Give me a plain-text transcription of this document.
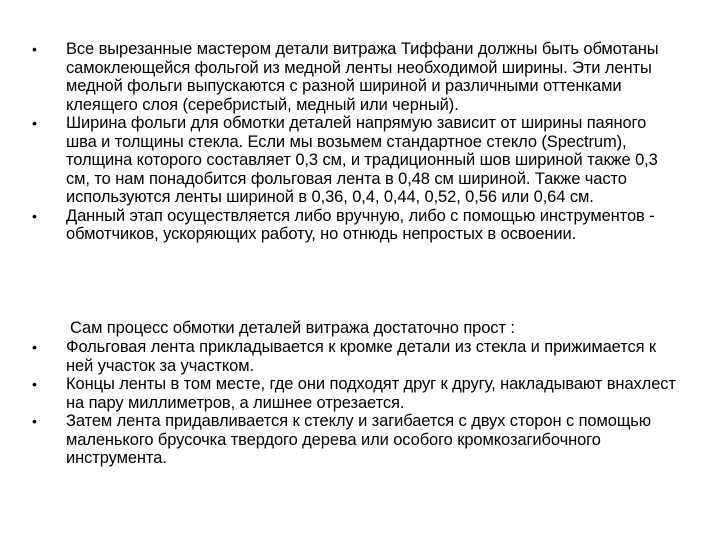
• Все вырезанные мастером детали витража Тиффани должны быть обмотаны самоклеющейся фольгой из медной ленты необходимой ширины. Эти ленты медной фольги выпускаются с разной шириной и различными оттенками клеящего слоя (серебристый, медный или черный).
• Ширина фольги для обмотки деталей напрямую зависит от ширины паяного шва и толщины стекла. Если мы возьмем стандартное стекло (Spectrum), толщина которого составляет 0,3 см, и традиционный шов шириной также 0,3 см, то нам понадобится фольговая лента в 0,48 см шириной. Также часто используются ленты шириной в 0,36, 0,4, 0,44, 0,52, 0,56 или 0,64 см.
• Данный этап осуществляется либо вручную, либо с помощью инструментов - обмотчиков, ускоряющих работу, но отнюдь непростых в освоении.
Сам процесс обмотки деталей витража достаточно прост :
• Фольговая лента прикладывается к кромке детали из стекла и прижимается к ней участок за участком.
• Концы ленты в том месте, где они подходят друг к другу, накладывают внахлест на пару миллиметров, а лишнее отрезается.
• Затем лента придавливается к стеклу и загибается с двух сторон с помощью маленького брусочка твердого дерева или особого кромкозагибочного инструмента.
